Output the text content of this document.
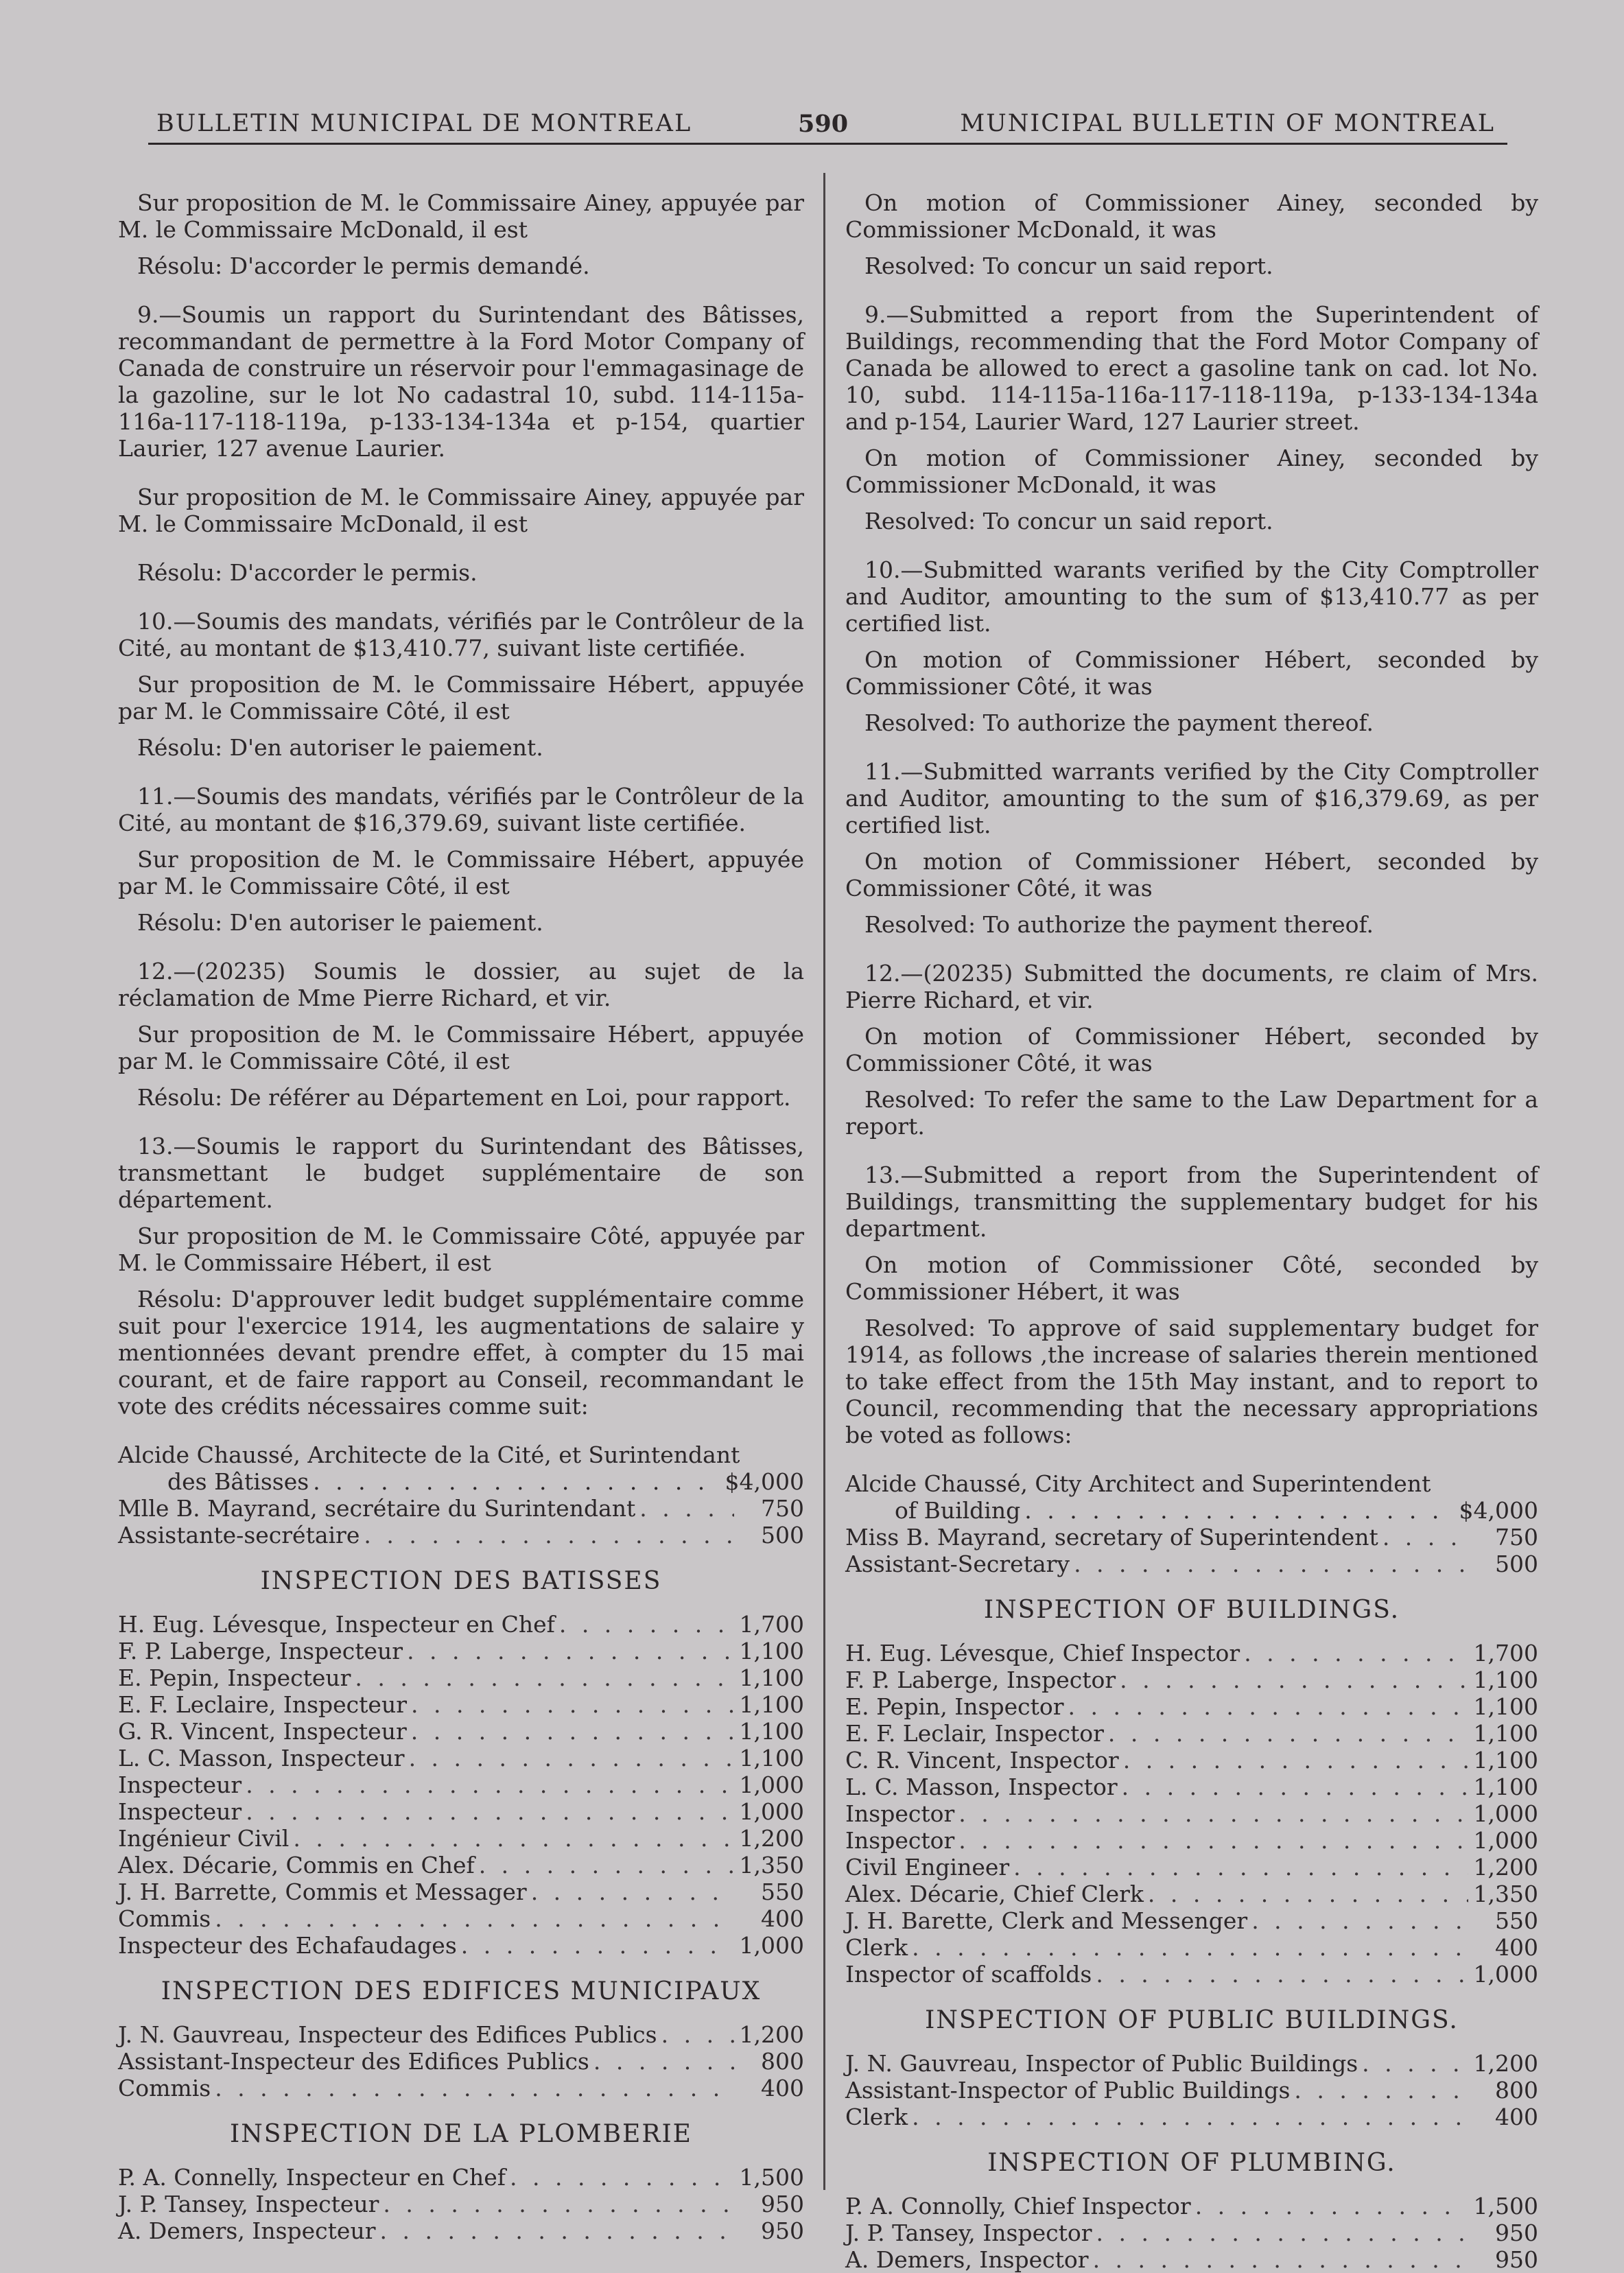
BULLETIN MUNICIPAL DE MONTREAL	590	MUNICIPAL BULLETIN OF MONTREAL

Sur proposition de M. le Commissaire Ainey, appuyée par M. le Commissaire McDonald, il est

Résolu: D'accorder le permis demandé.

9.—Soumis un rapport du Surintendant des Bâtisses, recommandant de permettre à la Ford Motor Company of Canada de construire un réservoir pour l'emmagasinage de la gazoline, sur le lot No cadastral 10, subd. 114-115a-116a-117-118-119a, p-133-134-134a et p-154, quartier Laurier, 127 avenue Laurier.

Sur proposition de M. le Commissaire Ainey, appuyée par M. le Commissaire McDonald, il est

Résolu: D'accorder le permis.

10.—Soumis des mandats, vérifiés par le Contrôleur de la Cité, au montant de $13,410.77, suivant liste certifiée.

Sur proposition de M. le Commissaire Hébert, appuyée par M. le Commissaire Côté, il est

Résolu: D'en autoriser le paiement.

11.—Soumis des mandats, vérifiés par le Contrôleur de la Cité, au montant de $16,379.69, suivant liste certifiée.

Sur proposition de M. le Commissaire Hébert, appuyée par M. le Commissaire Côté, il est

Résolu: D'en autoriser le paiement.

12.—(20235) Soumis le dossier, au sujet de la réclamation de Mme Pierre Richard, et vir.

Sur proposition de M. le Commissaire Hébert, appuyée par M. le Commissaire Côté, il est

Résolu: De référer au Département en Loi, pour rapport.

13.—Soumis le rapport du Surintendant des Bâtisses, transmettant le budget supplémentaire de son département.

Sur proposition de M. le Commissaire Côté, appuyée par M. le Commissaire Hébert, il est

Résolu: D'approuver ledit budget supplémentaire comme suit pour l'exercice 1914, les augmentations de salaire y mentionnées devant prendre effet, à compter du 15 mai courant, et de faire rapport au Conseil, recommandant le vote des crédits nécessaires comme suit:

Alcide Chaussé, Architecte de la Cité, et Surintendant
des Bâtisses . . .	$4,000
Mlle B. Mayrand, secrétaire du Surintendant . . .	750
Assistante-secrétaire . . .	500
INSPECTION DES BATISSES
H. Eug. Lévesque, Inspecteur en Chef . . .	1,700
F. P. Laberge, Inspecteur . . .	1,100
E. Pepin, Inspecteur . . .	1,100
E. F. Leclaire, Inspecteur . . .	1,100
G. R. Vincent, Inspecteur . . .	1,100
L. C. Masson, Inspecteur . . .	1,100
Inspecteur . . .	1,000
Inspecteur . . .	1,000
Ingénieur Civil . . .	1,200
Alex. Décarie, Commis en Chef . . .	1,350
J. H. Barrette, Commis et Messager . . .	550
Commis . . .	400
Inspecteur des Echafaudages . . .	1,000
INSPECTION DES EDIFICES MUNICIPAUX
J. N. Gauvreau, Inspecteur des Edifices Publics . . .	1,200
Assistant-Inspecteur des Edifices Publics . . .	800
Commis . . .	400
INSPECTION DE LA PLOMBERIE
P. A. Connelly, Inspecteur en Chef . . .	1,500
J. P. Tansey, Inspecteur . . .	950
A. Demers, Inspecteur . . .	950

On motion of Commissioner Ainey, seconded by Commissioner McDonald, it was

Resolved: To concur un said report.

9.—Submitted a report from the Superintendent of Buildings, recommending that the Ford Motor Company of Canada be allowed to erect a gasoline tank on cad. lot No. 10, subd. 114-115a-116a-117-118-119a, p-133-134-134a and p-154, Laurier Ward, 127 Laurier street.

On motion of Commissioner Ainey, seconded by Commissioner McDonald, it was

Resolved: To concur un said report.

10.—Submitted warants verified by the City Comptroller and Auditor, amounting to the sum of $13,410.77 as per certified list.

On motion of Commissioner Hébert, seconded by Commissioner Côté, it was

Resolved: To authorize the payment thereof.

11.—Submitted warrants verified by the City Comptroller and Auditor, amounting to the sum of $16,379.69, as per certified list.

On motion of Commissioner Hébert, seconded by Commissioner Côté, it was

Resolved: To authorize the payment thereof.

12.—(20235) Submitted the documents, re claim of Mrs. Pierre Richard, et vir.

On motion of Commissioner Hébert, seconded by Commissioner Côté, it was

Resolved: To refer the same to the Law Department for a report.

13.—Submitted a report from the Superintendent of Buildings, transmitting the supplementary budget for his department.

On motion of Commissioner Côté, seconded by Commissioner Hébert, it was

Resolved: To approve of said supplementary budget for 1914, as follows ,the increase of salaries therein mentioned to take effect from the 15th May instant, and to report to Council, recommending that the necessary appropriations be voted as follows:

Alcide Chaussé, City Architect and Superintendent
of Building . . .	$4,000
Miss B. Mayrand, secretary of Superintendent . . .	750
Assistant-Secretary . . .	500
INSPECTION OF BUILDINGS.
H. Eug. Lévesque, Chief Inspector . . .	1,700
F. P. Laberge, Inspector . . .	1,100
E. Pepin, Inspector . . .	1,100
E. F. Leclair, Inspector . . .	1,100
C. R. Vincent, Inspector . . .	1,100
L. C. Masson, Inspector . . .	1,100
Inspector . . .	1,000
Inspector . . .	1,000
Civil Engineer . . .	1,200
Alex. Décarie, Chief Clerk . . .	1,350
J. H. Barette, Clerk and Messenger . . .	550
Clerk . . .	400
Inspector of scaffolds . . .	1,000
INSPECTION OF PUBLIC BUILDINGS.
J. N. Gauvreau, Inspector of Public Buildings . . .	1,200
Assistant-Inspector of Public Buildings . . .	800
Clerk . . .	400
INSPECTION OF PLUMBING.
P. A. Connolly, Chief Inspector . . .	1,500
J. P. Tansey, Inspector . . .	950
A. Demers, Inspector . . .	950
